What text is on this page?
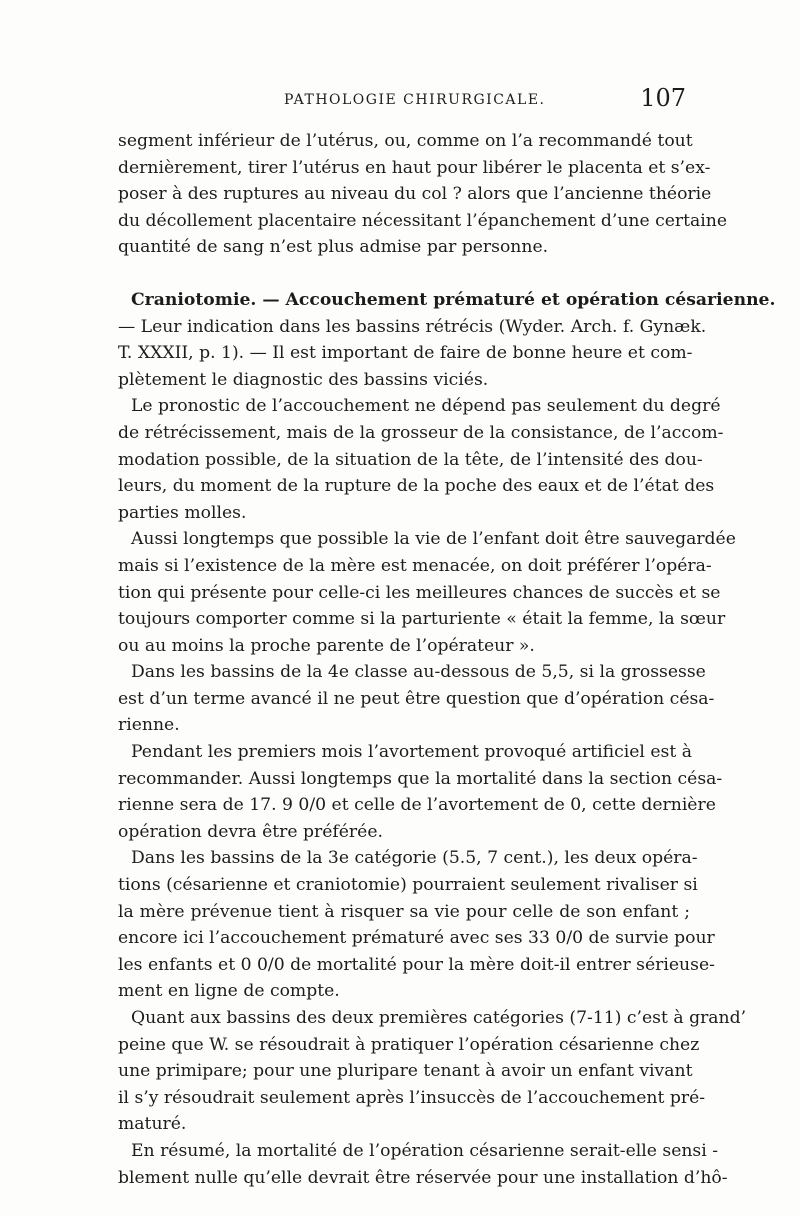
PATHOLOGIE CHIRURGICALE.	107
segment inférieur de l’utérus, ou, comme on l’a recommandé tout
dernièrement, tirer l’utérus en haut pour libérer le placenta et s’ex-
poser à des ruptures au niveau du col ? alors que l’ancienne théorie
du décollement placentaire nécessitant l’épanchement d’une certaine
quantité de sang n’est plus admise par personne.
Craniotomie. — Accouchement prématuré et opération césarienne.
— Leur indication dans les bassins rétrécis (Wyder. Arch. f. Gynæk.
T. XXXII, p. 1). — Il est important de faire de bonne heure et com-
plètement le diagnostic des bassins viciés.
Le pronostic de l’accouchement ne dépend pas seulement du degré
de rétrécissement, mais de la grosseur de la consistance, de l’accom-
modation possible, de la situation de la tête, de l’intensité des dou-
leurs, du moment de la rupture de la poche des eaux et de l’état des
parties molles.
Aussi longtemps que possible la vie de l’enfant doit être sauvegardée
mais si l’existence de la mère est menacée, on doit préférer l’opéra-
tion qui présente pour celle-ci les meilleures chances de succès et se
toujours comporter comme si la parturiente « était la femme, la sœur
ou au moins la proche parente de l’opérateur ».
Dans les bassins de la 4e classe au-dessous de 5,5, si la grossesse
est d’un terme avancé il ne peut être question que d’opération césa-
rienne.
Pendant les premiers mois l’avortement provoqué artificiel est à
recommander. Aussi longtemps que la mortalité dans la section césa-
rienne sera de 17. 9 0/0 et celle de l’avortement de 0, cette dernière
opération devra être préférée.
Dans les bassins de la 3e catégorie (5.5, 7 cent.), les deux opéra-
tions (césarienne et craniotomie) pourraient seulement rivaliser si
la mère prévenue tient à risquer sa vie pour celle de son enfant ;
encore ici l’accouchement prématuré avec ses 33 0/0 de survie pour
les enfants et 0 0/0 de mortalité pour la mère doit-il entrer sérieuse-
ment en ligne de compte.
Quant aux bassins des deux premières catégories (7-11) c’est à grand’
peine que W. se résoudrait à pratiquer l’opération césarienne chez
une primipare; pour une pluripare tenant à avoir un enfant vivant
il s’y résoudrait seulement après l’insuccès de l’accouchement pré-
maturé.
En résumé, la mortalité de l’opération césarienne serait-elle sensi -
blement nulle qu’elle devrait être réservée pour une installation d’hô-
